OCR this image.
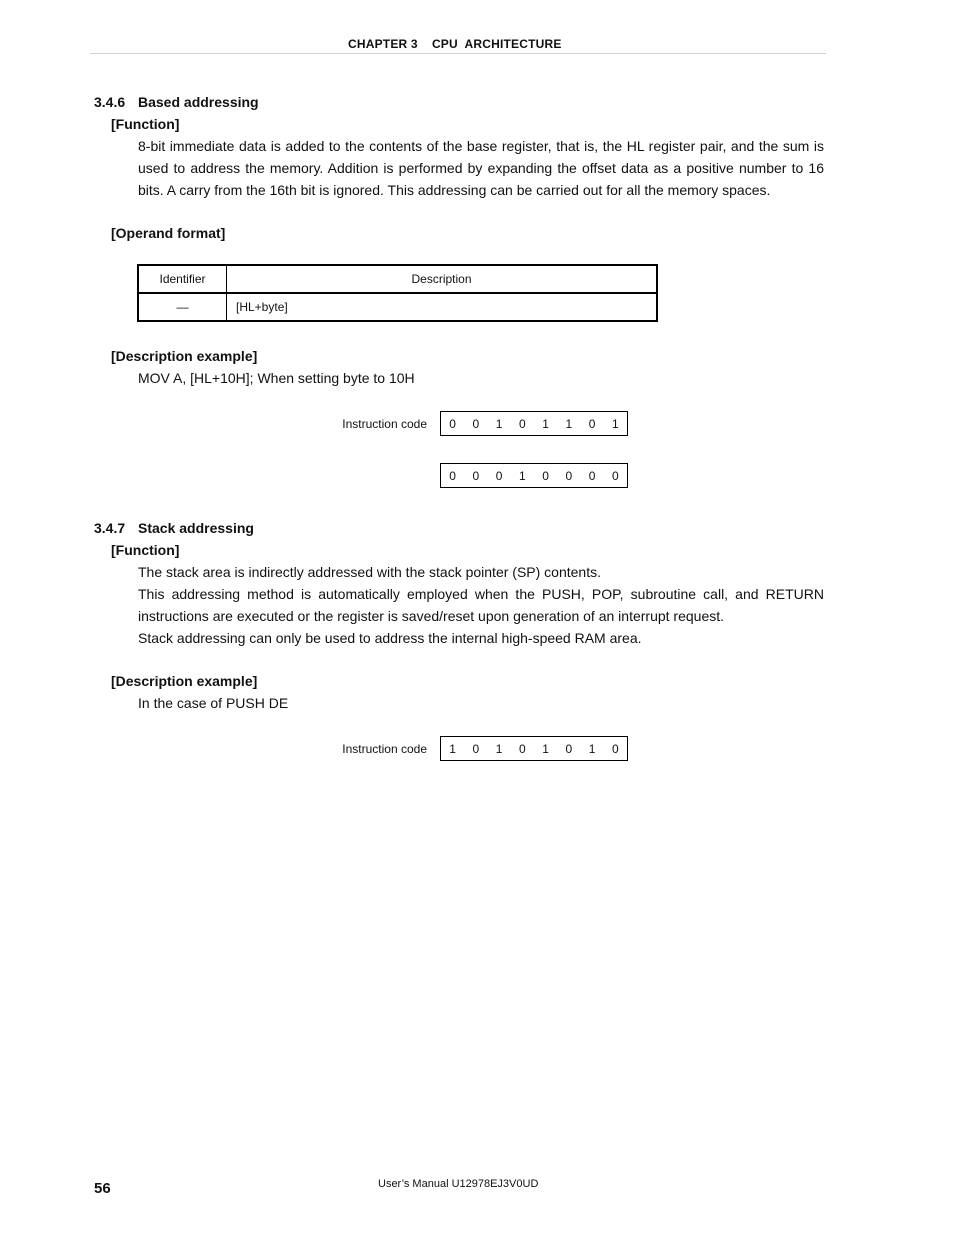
CHAPTER 3    CPU  ARCHITECTURE
3.4.6 Based addressing
[Function]
8-bit immediate data is added to the contents of the base register, that is, the HL register pair, and the sum is used to address the memory. Addition is performed by expanding the offset data as a positive number to 16 bits. A carry from the 16th bit is ignored. This addressing can be carried out for all the memory spaces.
[Operand format]
Identifier	Description
—	[HL+byte]
[Description example]
MOV A, [HL+10H]; When setting byte to 10H
Instruction code	0	0	1	0	1	1	0	1
0	0	0	1	0	0	0	0
3.4.7 Stack addressing
[Function]

The stack area is indirectly addressed with the stack pointer (SP) contents.

This addressing method is automatically employed when the PUSH, POP, subroutine call, and RETURN instructions are executed or the register is saved/reset upon generation of an interrupt request.

Stack addressing can only be used to address the internal high-speed RAM area.

[Description example]
In the case of PUSH DE
Instruction code	1	0	1	0	1	0	1	0
56	User’s Manual U12978EJ3V0UD
